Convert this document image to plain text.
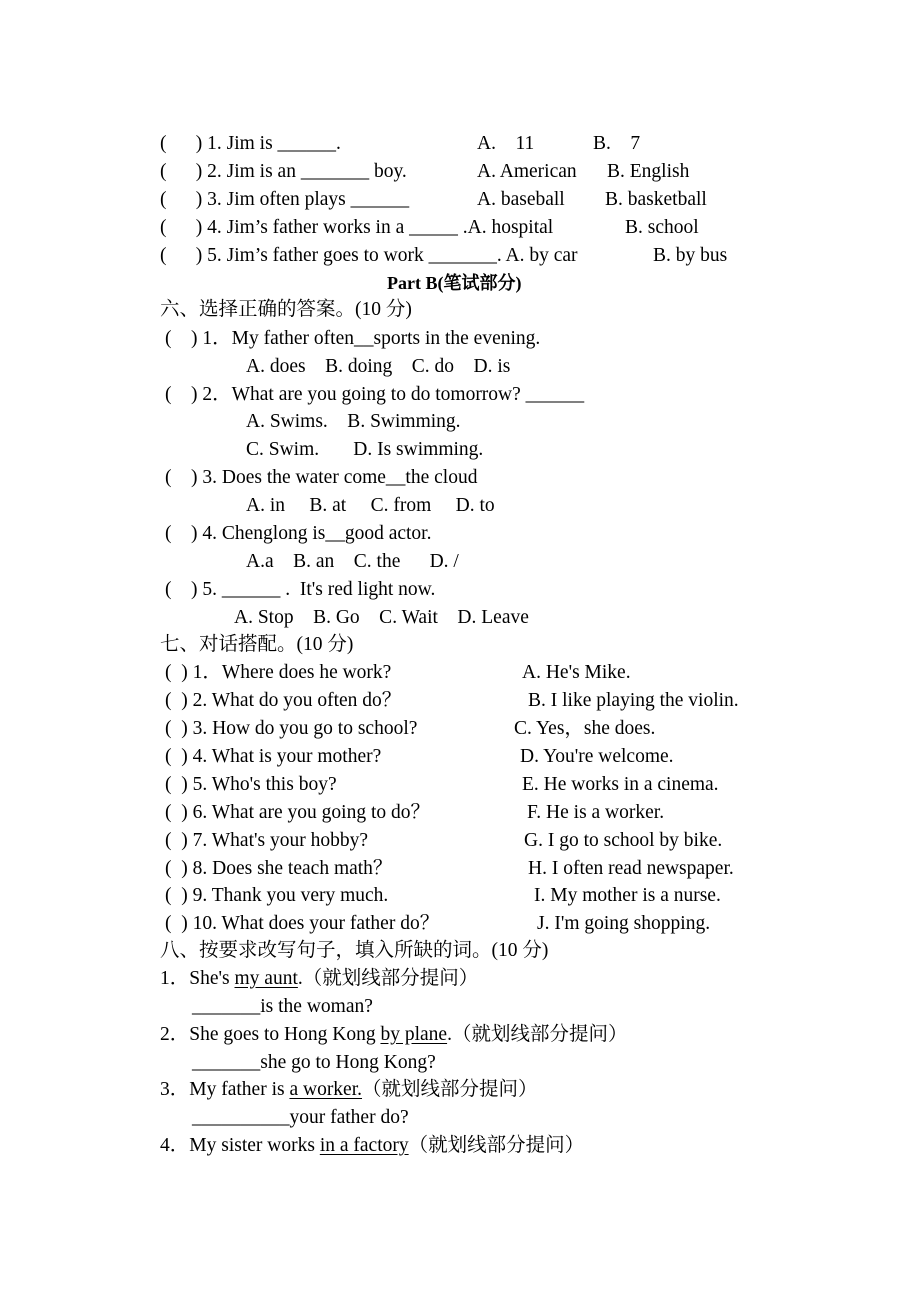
(      ) 1. Jim is ______.	A.    11	B.    7
(      ) 2. Jim is an _______ boy.	A. American B. English
(      ) 3. Jim often plays ______	A. baseball B. basketball
(      ) 4. Jim’s father works in a _____ .A. hospital	B. school
(      ) 5. Jim’s father goes to work _______. A. by car	B. by bus
Part B(笔试部分)
六、选择正确的答案。(10 分)
(    ) 1．My father often__sports in the evening.
A. does    B. doing    C. do    D. is
(    ) 2．What are you going to do tomorrow? ______
A. Swims.    B. Swimming.
C. Swim.       D. Is swimming.
(    ) 3. Does the water come__the cloud
A. in     B. at     C. from     D. to
(    ) 4. Chenglong is__good actor.
A.a    B. an    C. the      D. /
(    ) 5. ______ .  It's red light now.
A. Stop    B. Go    C. Wait    D. Leave
七、对话搭配。(10 分)
(  ) 1．Where does he work?	A. He's Mike.
(  ) 2. What do you often do？	B. I like playing the violin.
(  ) 3. How do you go to school?	C. Yes，she does.
(  ) 4. What is your mother?	D. You're welcome.
(  ) 5. Who's this boy?	E. He works in a cinema.
(  ) 6. What are you going to do？	F. He is a worker.
(  ) 7. What's your hobby?	G. I go to school by bike.
(  ) 8. Does she teach math？	H. I often read newspaper.
(  ) 9. Thank you very much.	I. My mother is a nurse.
(  ) 10. What does your father do？	J. I'm going shopping.
八、按要求改写句子，填入所缺的词。(10 分)
1．She's my aunt.（就划线部分提问）
_______is the woman?
2．She goes to Hong Kong by plane.（就划线部分提问）
_______she go to Hong Kong?
3．My father is a worker.（就划线部分提问）
__________your father do?
4．My sister works in a factory（就划线部分提问）
